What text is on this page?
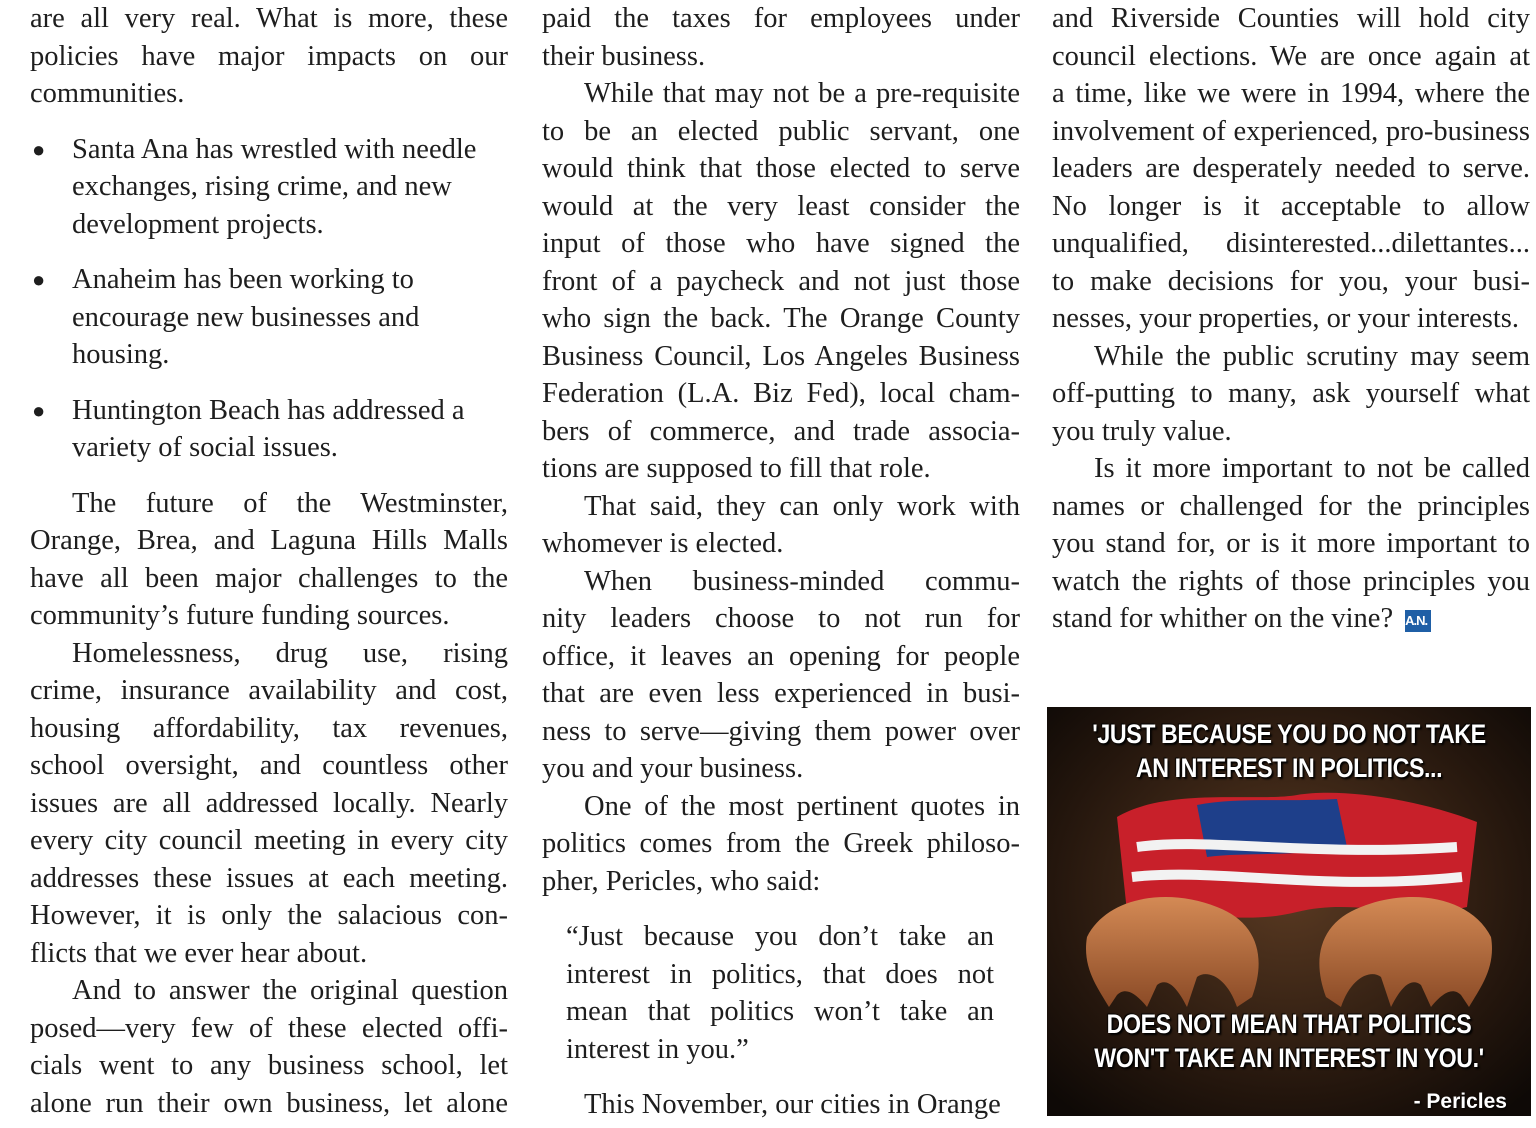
are all very real. What is more, these
policies have major impacts on our
communities.
● Santa Ana has wrestled with needle
exchanges, rising crime, and new
development projects.
● Anaheim has been working to
encourage new businesses and
housing.
● Huntington Beach has addressed a
variety of social issues.
The future of the Westminster,
Orange, Brea, and Laguna Hills Malls
have all been major challenges to the
community’s future funding sources.
Homelessness, drug use, rising
crime, insurance availability and cost,
housing affordability, tax revenues,
school oversight, and countless other
issues are all addressed locally. Nearly
every city council meeting in every city
addresses these issues at each meeting.
However, it is only the salacious con-
flicts that we ever hear about.
And to answer the original question
posed—very few of these elected offi-
cials went to any business school, let
alone run their own business, let alone
paid the taxes for employees under
their business.
While that may not be a pre-requisite
to be an elected public servant, one
would think that those elected to serve
would at the very least consider the
input of those who have signed the
front of a paycheck and not just those
who sign the back. The Orange County
Business Council, Los Angeles Business
Federation (L.A. Biz Fed), local cham-
bers of commerce, and trade associa-
tions are supposed to fill that role.
That said, they can only work with
whomever is elected.
When business-minded commu-
nity leaders choose to not run for
office, it leaves an opening for people
that are even less experienced in busi-
ness to serve—giving them power over
you and your business.
One of the most pertinent quotes in
politics comes from the Greek philoso-
pher, Pericles, who said:
“Just because you don’t take an
interest in politics, that does not
mean that politics won’t take an
interest in you.”
This November, our cities in Orange
and Riverside Counties will hold city
council elections. We are once again at
a time, like we were in 1994, where the
involvement of experienced, pro-business
leaders are desperately needed to serve.
No longer is it acceptable to allow
unqualified, disinterested...dilettantes...
to make decisions for you, your busi-
nesses, your properties, or your interests.
While the public scrutiny may seem
off-putting to many, ask yourself what
you truly value.
Is it more important to not be called
names or challenged for the principles
you stand for, or is it more important to
watch the rights of those principles you
stand for whither on the vine? A.N.
'JUST BECAUSE YOU DO NOT TAKE
AN INTEREST IN POLITICS...
DOES NOT MEAN THAT POLITICS
WON'T TAKE AN INTEREST IN YOU.'
- Pericles
